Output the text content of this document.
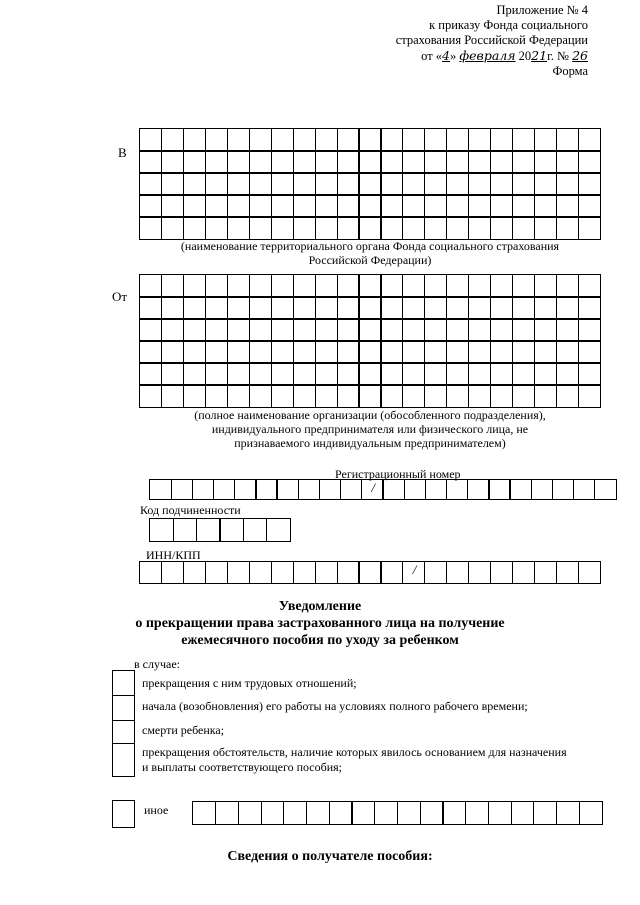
Приложение № 4
к приказу Фонда социального
страхования Российской Федерации
от «4» февраля 2021г. № 26
Форма
В
(наименование территориального органа Фонда социального страхования
Российской Федерации)
От
(полное наименование организации (обособленного подразделения),
индивидуального предпринимателя или физического лица, не
признаваемого индивидуальным предпринимателем)
Регистрационный номер
/
Код подчиненности
ИНН/КПП
/
Уведомление
о прекращении права застрахованного лица на получение
ежемесячного пособия по уходу за ребенком
в случае:
прекращения с ним трудовых отношений;
начала (возобновления) его работы на условиях полного рабочего времени;
смерти ребенка;
прекращения обстоятельств, наличие которых явилось основанием для назначения
и выплаты соответствующего пособия;
иное
Сведения о получателе пособия:
